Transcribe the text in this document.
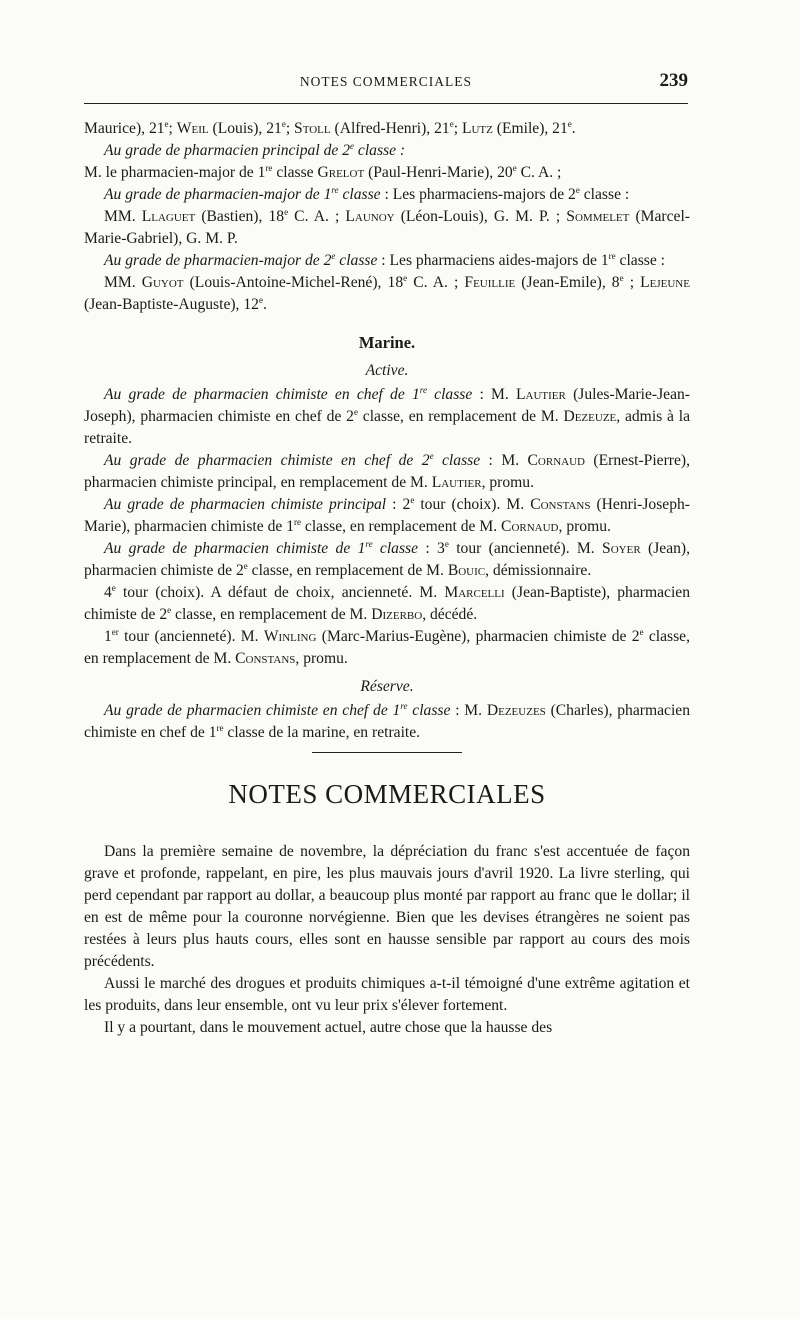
NOTES COMMERCIALES	239

Maurice), 21e; Weil (Louis), 21e; Stoll (Alfred-Henri), 21e; Lutz (Emile), 21e.

Au grade de pharmacien principal de 2e classe :

M. le pharmacien-major de 1re classe Grelot (Paul-Henri-Marie), 20e C. A. ;

Au grade de pharmacien-major de 1re classe : Les pharmaciens-majors de 2e classe :

MM. Llaguet (Bastien), 18e C. A. ; Launoy (Léon-Louis), G. M. P. ; Sommelet (Marcel-Marie-Gabriel), G. M. P.

Au grade de pharmacien-major de 2e classe : Les pharmaciens aides-majors de 1re classe :

MM. Guyot (Louis-Antoine-Michel-René), 18e C. A. ; Feuillie (Jean-Emile), 8e ; Lejeune (Jean-Baptiste-Auguste), 12e.

Marine.
Active.

Au grade de pharmacien chimiste en chef de 1re classe : M. Lautier (Jules-Marie-Jean-Joseph), pharmacien chimiste en chef de 2e classe, en remplacement de M. Dezeuze, admis à la retraite.

Au grade de pharmacien chimiste en chef de 2e classe : M. Cornaud (Ernest-Pierre), pharmacien chimiste principal, en remplacement de M. Lautier, promu.

Au grade de pharmacien chimiste principal : 2e tour (choix). M. Constans (Henri-Joseph-Marie), pharmacien chimiste de 1re classe, en remplacement de M. Cornaud, promu.

Au grade de pharmacien chimiste de 1re classe : 3e tour (ancienneté). M. Soyer (Jean), pharmacien chimiste de 2e classe, en remplacement de M. Bouic, démissionnaire.

4e tour (choix). A défaut de choix, ancienneté. M. Marcelli (Jean-Baptiste), pharmacien chimiste de 2e classe, en remplacement de M. Dizerbo, décédé.

1er tour (ancienneté). M. Winling (Marc-Marius-Eugène), pharmacien chimiste de 2e classe, en remplacement de M. Constans, promu.

Réserve.

Au grade de pharmacien chimiste en chef de 1re classe : M. Dezeuzes (Charles), pharmacien chimiste en chef de 1re classe de la marine, en retraite.

NOTES COMMERCIALES

Dans la première semaine de novembre, la dépréciation du franc s'est accentuée de façon grave et profonde, rappelant, en pire, les plus mauvais jours d'avril 1920. La livre sterling, qui perd cependant par rapport au dollar, a beaucoup plus monté par rapport au franc que le dollar; il en est de même pour la couronne norvégienne. Bien que les devises étrangères ne soient pas restées à leurs plus hauts cours, elles sont en hausse sensible par rapport au cours des mois précédents.

Aussi le marché des drogues et produits chimiques a-t-il témoigné d'une extrême agitation et les produits, dans leur ensemble, ont vu leur prix s'élever fortement.

Il y a pourtant, dans le mouvement actuel, autre chose que la hausse des
